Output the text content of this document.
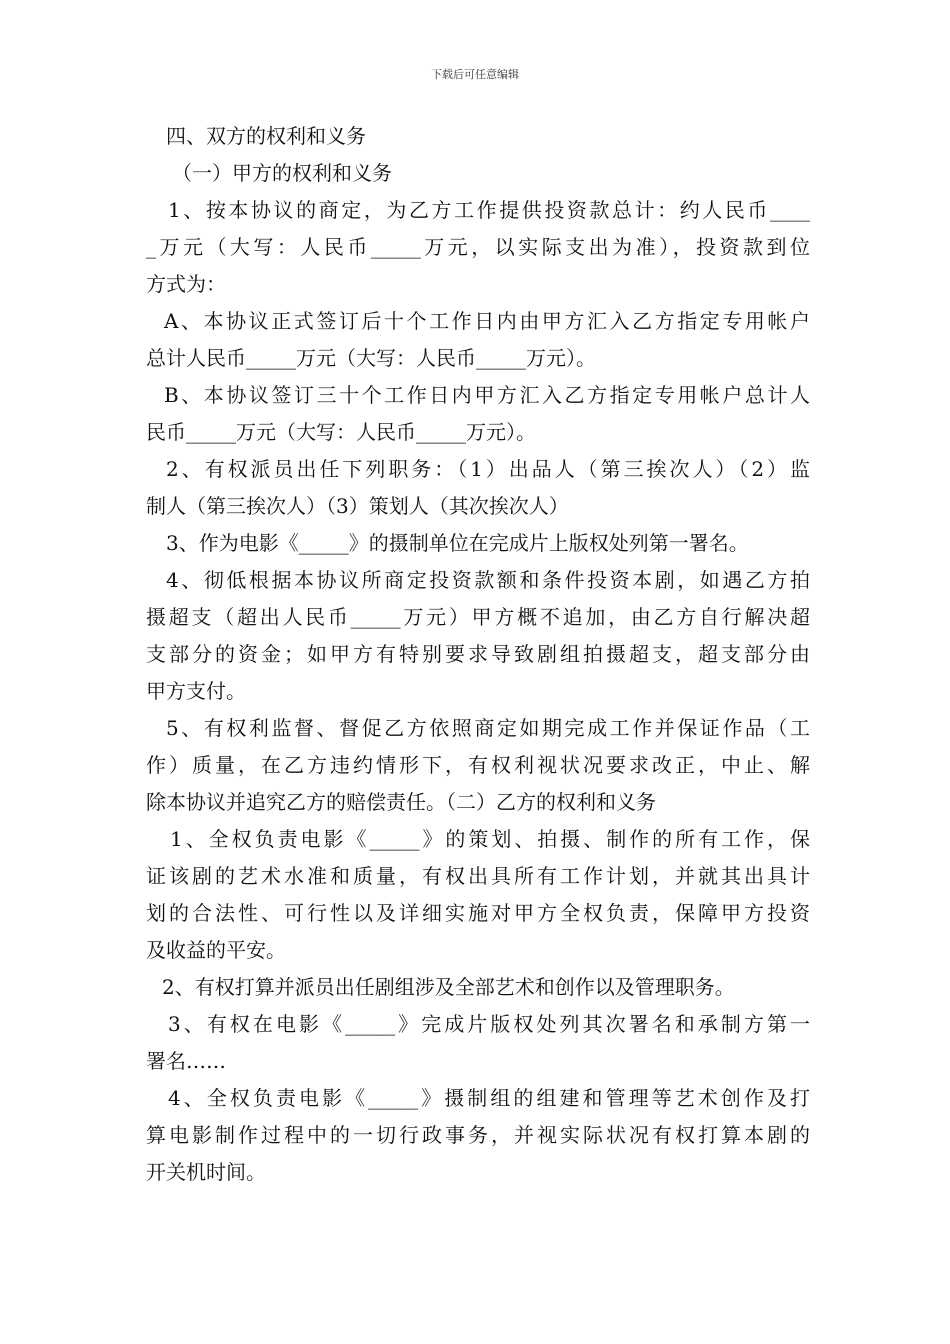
下载后可任意编辑
四、双方的权利和义务
（一）甲方的权利和义务
1、按本协议的商定，为乙方工作提供投资款总计：约人民币____
_万元（大写：人民币_____万元，以实际支出为准），投资款到位
方式为：
A、本协议正式签订后十个工作日内由甲方汇入乙方指定专用帐户
总计人民币_____万元（大写：人民币_____万元）。
B、本协议签订三十个工作日内甲方汇入乙方指定专用帐户总计人
民币_____万元（大写：人民币_____万元）。
2、有权派员出任下列职务：（1）出品人（第三挨次人）（2）监
制人（第三挨次人）（3）策划人（其次挨次人）
3、作为电影《_____》的摄制单位在完成片上版权处列第一署名。
4、彻低根据本协议所商定投资款额和条件投资本剧，如遇乙方拍
摄超支（超出人民币_____万元）甲方概不追加，由乙方自行解决超
支部分的资金；如甲方有特别要求导致剧组拍摄超支，超支部分由
甲方支付。
5、有权利监督、督促乙方依照商定如期完成工作并保证作品（工
作）质量，在乙方违约情形下，有权利视状况要求改正，中止、解
除本协议并追究乙方的赔偿责任。（二）乙方的权利和义务
1、全权负责电影《_____》的策划、拍摄、制作的所有工作，保
证该剧的艺术水准和质量，有权出具所有工作计划，并就其出具计
划的合法性、可行性以及详细实施对甲方全权负责，保障甲方投资
及收益的平安。
2、有权打算并派员出任剧组涉及全部艺术和创作以及管理职务。
3、有权在电影《_____》完成片版权处列其次署名和承制方第一
署名……
4、全权负责电影《_____》摄制组的组建和管理等艺术创作及打
算电影制作过程中的一切行政事务，并视实际状况有权打算本剧的
开关机时间。
